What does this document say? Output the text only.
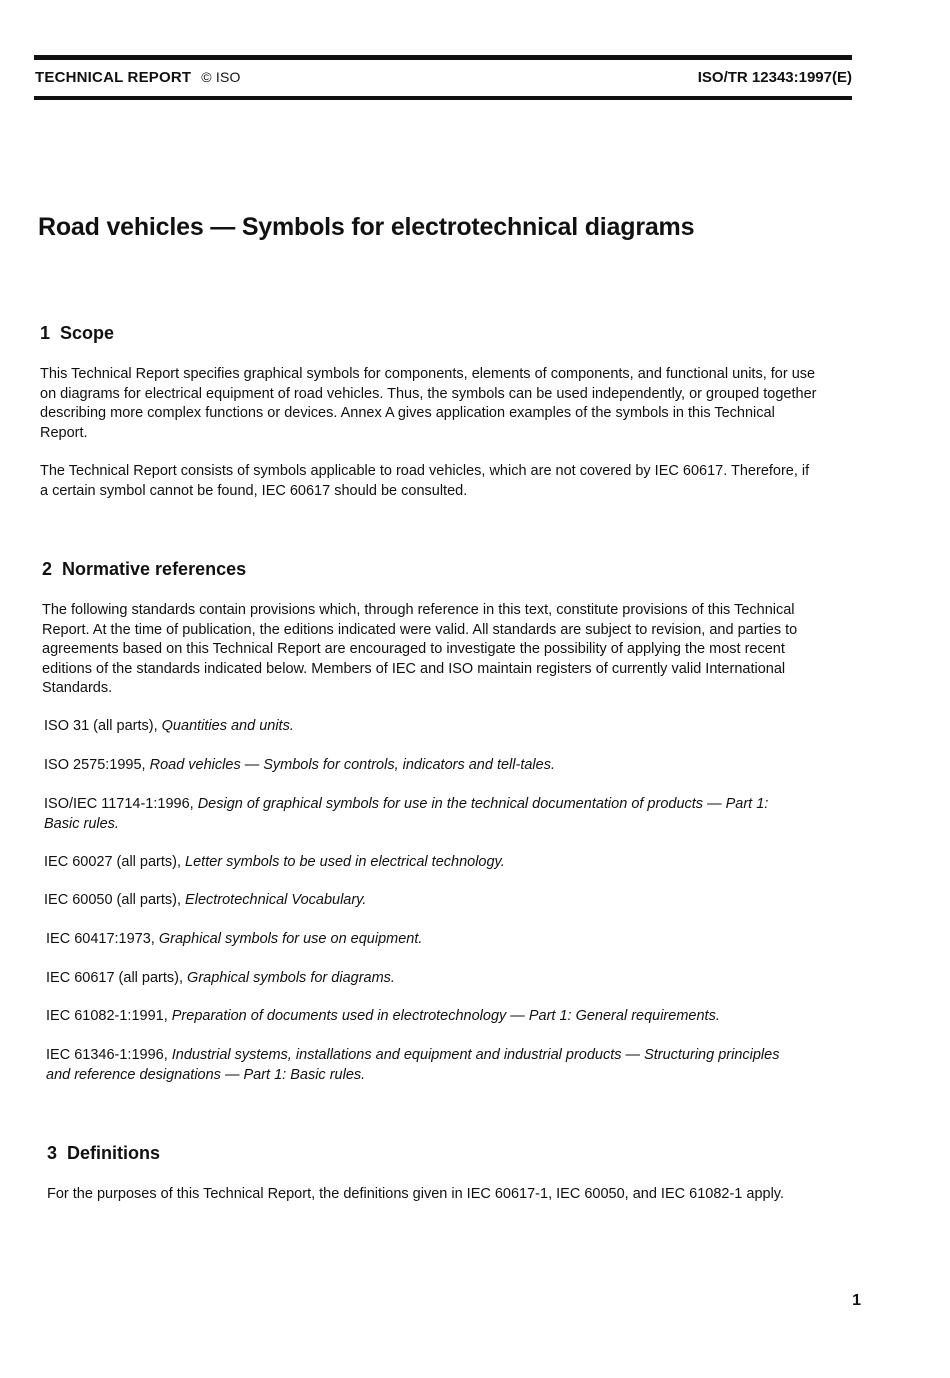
TECHNICAL REPORT © ISO	ISO/TR 12343:1997(E)
Road vehicles — Symbols for electrotechnical diagrams
1 Scope

This Technical Report specifies graphical symbols for components, elements of components, and functional units, for use on diagrams for electrical equipment of road vehicles. Thus, the symbols can be used independently, or grouped together describing more complex functions or devices. Annex A gives application examples of the symbols in this Technical Report.

The Technical Report consists of symbols applicable to road vehicles, which are not covered by IEC 60617. Therefore, if a certain symbol cannot be found, IEC 60617 should be consulted.

2 Normative references

The following standards contain provisions which, through reference in this text, constitute provisions of this Technical Report. At the time of publication, the editions indicated were valid. All standards are subject to revision, and parties to agreements based on this Technical Report are encouraged to investigate the possibility of applying the most recent editions of the standards indicated below. Members of IEC and ISO maintain registers of currently valid International Standards.

ISO 31 (all parts), Quantities and units.
ISO 2575:1995, Road vehicles — Symbols for controls, indicators and tell-tales.
ISO/IEC 11714-1:1996, Design of graphical symbols for use in the technical documentation of products — Part 1: Basic rules.
IEC 60027 (all parts), Letter symbols to be used in electrical technology.
IEC 60050 (all parts), Electrotechnical Vocabulary.
IEC 60417:1973, Graphical symbols for use on equipment.
IEC 60617 (all parts), Graphical symbols for diagrams.
IEC 61082-1:1991, Preparation of documents used in electrotechnology — Part 1: General requirements.
IEC 61346-1:1996, Industrial systems, installations and equipment and industrial products — Structuring principles and reference designations — Part 1: Basic rules.
3 Definitions

For the purposes of this Technical Report, the definitions given in IEC 60617-1, IEC 60050, and IEC 61082-1 apply.

1
